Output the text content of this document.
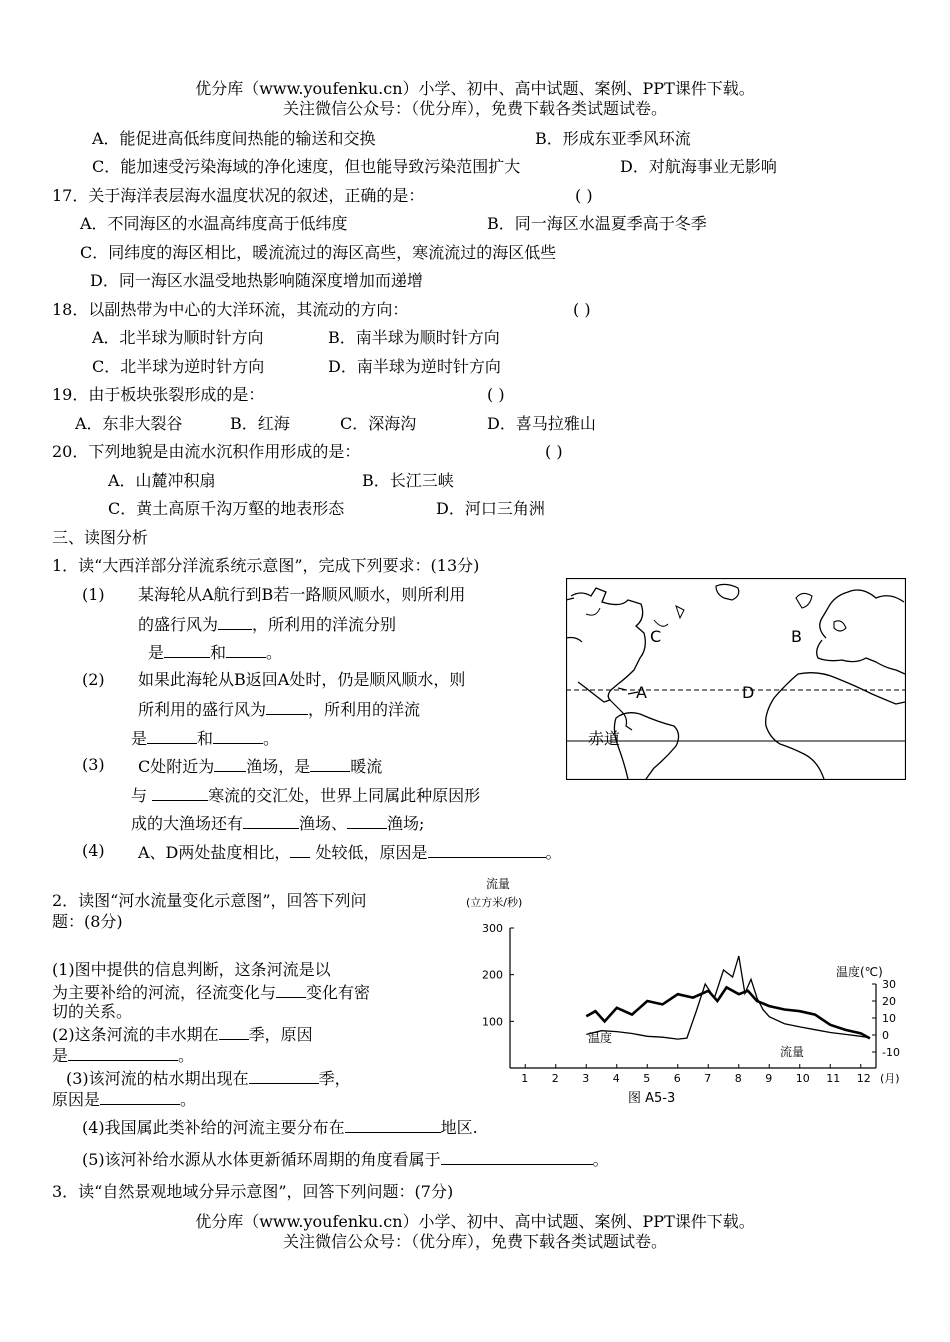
优分库（www.youfenku.cn）小学、初中、高中试题、案例、PPT课件下载。
关注微信公众号：（优分库），免费下载各类试题试卷。
A．能促进高低纬度间热能的输送和交换	B．形成东亚季风环流
C．能加速受污染海域的净化速度，但也能导致污染范围扩大	D．对航海事业无影响
17．关于海洋表层海水温度状况的叙述，正确的是：	( )
A．不同海区的水温高纬度高于低纬度	B．同一海区水温夏季高于冬季
C．同纬度的海区相比，暖流流过的海区高些，寒流流过的海区低些
D．同一海区水温受地热影响随深度增加而递增
18．以副热带为中心的大洋环流，其流动的方向：	( )
A．北半球为顺时针方向	B．南半球为顺时针方向
C．北半球为逆时针方向	D．南半球为逆时针方向
19．由于板块张裂形成的是：	( )
A．东非大裂谷	B．红海	C．深海沟	D．喜马拉雅山
20．下列地貌是由流水沉积作用形成的是：	( )
A．山麓冲积扇	B．长江三峡
C．黄土高原千沟万壑的地表形态	D．河口三角洲
三、读图分析
1．读“大西洋部分洋流系统示意图”，完成下列要求：(13分)
(1) 某海轮从A航行到B若一路顺风顺水，则所利用
的盛行风为 ，所利用的洋流分别
是	和	。
(2) 如果此海轮从B返回A处时，仍是顺风顺水，则
所利用的盛行风为	，所利用的洋流
是	和	。
(3) C处附近为 渔场，是	暖流
与	寒流的交汇处，世界上同属此种原因形
成的大渔场还有	渔场、	渔场;
(4) A、D两处盐度相比， 处较低，原因是	。
C	B
A	D
赤道
2．读图“河水流量变化示意图”，回答下列问
题：(8分)
(1)图中提供的信息判断，这条河流是以
为主要补给的河流，径流变化与 变化有密
切的关系。
(2)这条河流的丰水期在 季，原因
是	。
(3)该河流的枯水期出现在	季，
原因是	。
流量
(立方米/秒)
温度(℃)
1 2 3 4 5 6 7 8 9 10 11 12 (月)
100
200
300
30
20
10
0
-10
温度
流量
图 A5-3
(4)我国属此类补给的河流主要分布在	地区.
(5)该河补给水源从水体更新循环周期的角度看属于	。
3．读“自然景观地域分异示意图”，回答下列问题：(7分)
优分库（www.youfenku.cn）小学、初中、高中试题、案例、PPT课件下载。
关注微信公众号：（优分库），免费下载各类试题试卷。
